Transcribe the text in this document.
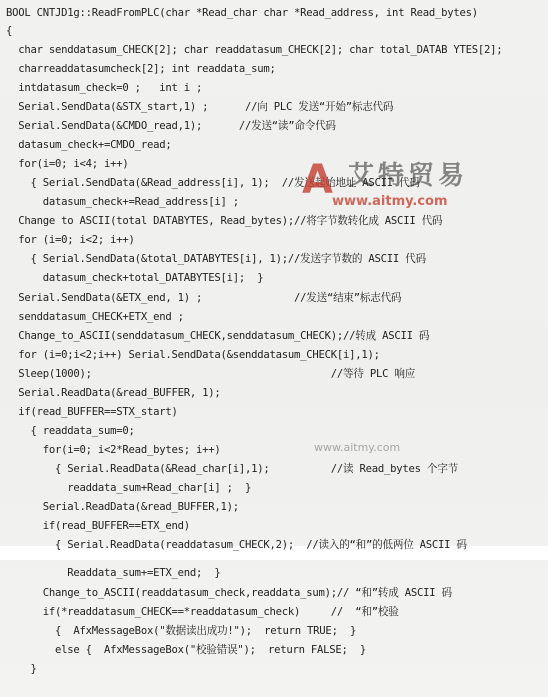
BOOL CNTJD1g::ReadFromPLC(char *Read_char char *Read_address, int Read_bytes)
{
char senddatasum_CHECK[2]; char readdatasum_CHECK[2]; char total_DATAB YTES[2];
charreaddatasumcheck[2]; int readdata_sum;
intdatasum_check=0 ;   int i ;
Serial.SendData(&STX_start,1) ;      //向 PLC 发送“开始”标志代码
Serial.SendData(&CMDO_read,1);      //发送“读”命令代码
datasum_check+=CMDO_read;
for(i=0; i<4; i++)
{ Serial.SendData(&Read_address[i], 1);  //发送起始地址 ASCII 代码
datasum_check+=Read_address[i] ;
Change to ASCII(total DATABYTES, Read_bytes);//将字节数转化成 ASCII 代码
for (i=0; i<2; i++)
{ Serial.SendData(&total_DATABYTES[i], 1);//发送字节数的 ASCII 代码
datasum_check+total_DATABYTES[i];  }
Serial.SendData(&ETX_end, 1) ;               //发送“结束”标志代码
senddatasum_CHECK+ETX_end ;
Change_to_ASCII(senddatasum_CHECK,senddatasum_CHECK);//转成 ASCII 码
for (i=0;i<2;i++) Serial.SendData(&senddatasum_CHECK[i],1);
Sleep(1000);                                       //等待 PLC 响应
Serial.ReadData(&read_BUFFER, 1);
if(read_BUFFER==STX_start)
{ readdata_sum=0;
for(i=0; i<2*Read_bytes; i++)
{ Serial.ReadData(&Read_char[i],1);          //读 Read_bytes 个字节
readdata_sum+Read_char[i] ;  }
Serial.ReadData(&read_BUFFER,1);
if(read_BUFFER==ETX_end)
{ Serial.ReadData(readdatasum_CHECK,2);  //读入的“和”的低两位 ASCII 码
Readdata_sum+=ETX_end;  }
Change_to_ASCII(readdatasum_check,readdata_sum);// “和”转成 ASCII 码
if(*readdatasum_CHECK==*readdatasum_check)     //  “和”校验
{  AfxMessageBox("数据读出成功!");  return TRUE;  }
else {  AfxMessageBox("校验错误");  return FALSE;  }
}
A 艾特贸易
www.aitmy.com
www.aitmy.com
